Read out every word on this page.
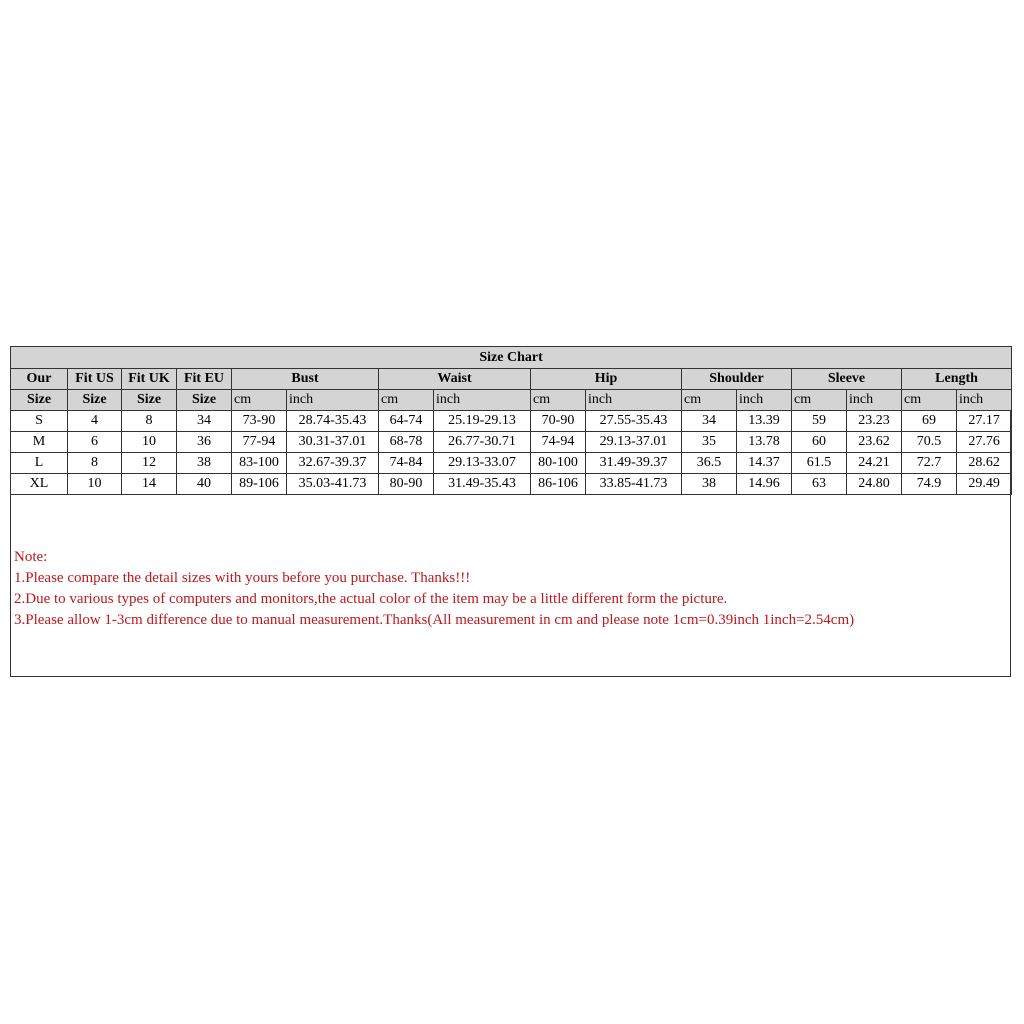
Size Chart															
Our	Fit US	Fit UK	Fit EU	Bust		Waist		Hip		Shoulder		Sleeve		Length	
Size	Size	Size	Size	cm	inch	cm	inch	cm	inch	cm	inch	cm	inch	cm	inch
S	4	8	34	73-90	28.74-35.43	64-74	25.19-29.13	70-90	27.55-35.43	34	13.39	59	23.23	69	27.17
M	6	10	36	77-94	30.31-37.01	68-78	26.77-30.71	74-94	29.13-37.01	35	13.78	60	23.62	70.5	27.76
L	8	12	38	83-100	32.67-39.37	74-84	29.13-33.07	80-100	31.49-39.37	36.5	14.37	61.5	24.21	72.7	28.62
XL	10	14	40	89-106	35.03-41.73	80-90	31.49-35.43	86-106	33.85-41.73	38	14.96	63	24.80	74.9	29.49
Note:
1.Please compare the detail sizes with yours before you purchase. Thanks!!!
2.Due to various types of computers and monitors,the actual color of the item may be a little different form the picture.
3.Please allow 1-3cm difference due to manual measurement.Thanks(All measurement in cm and please note 1cm=0.39inch 1inch=2.54cm)
